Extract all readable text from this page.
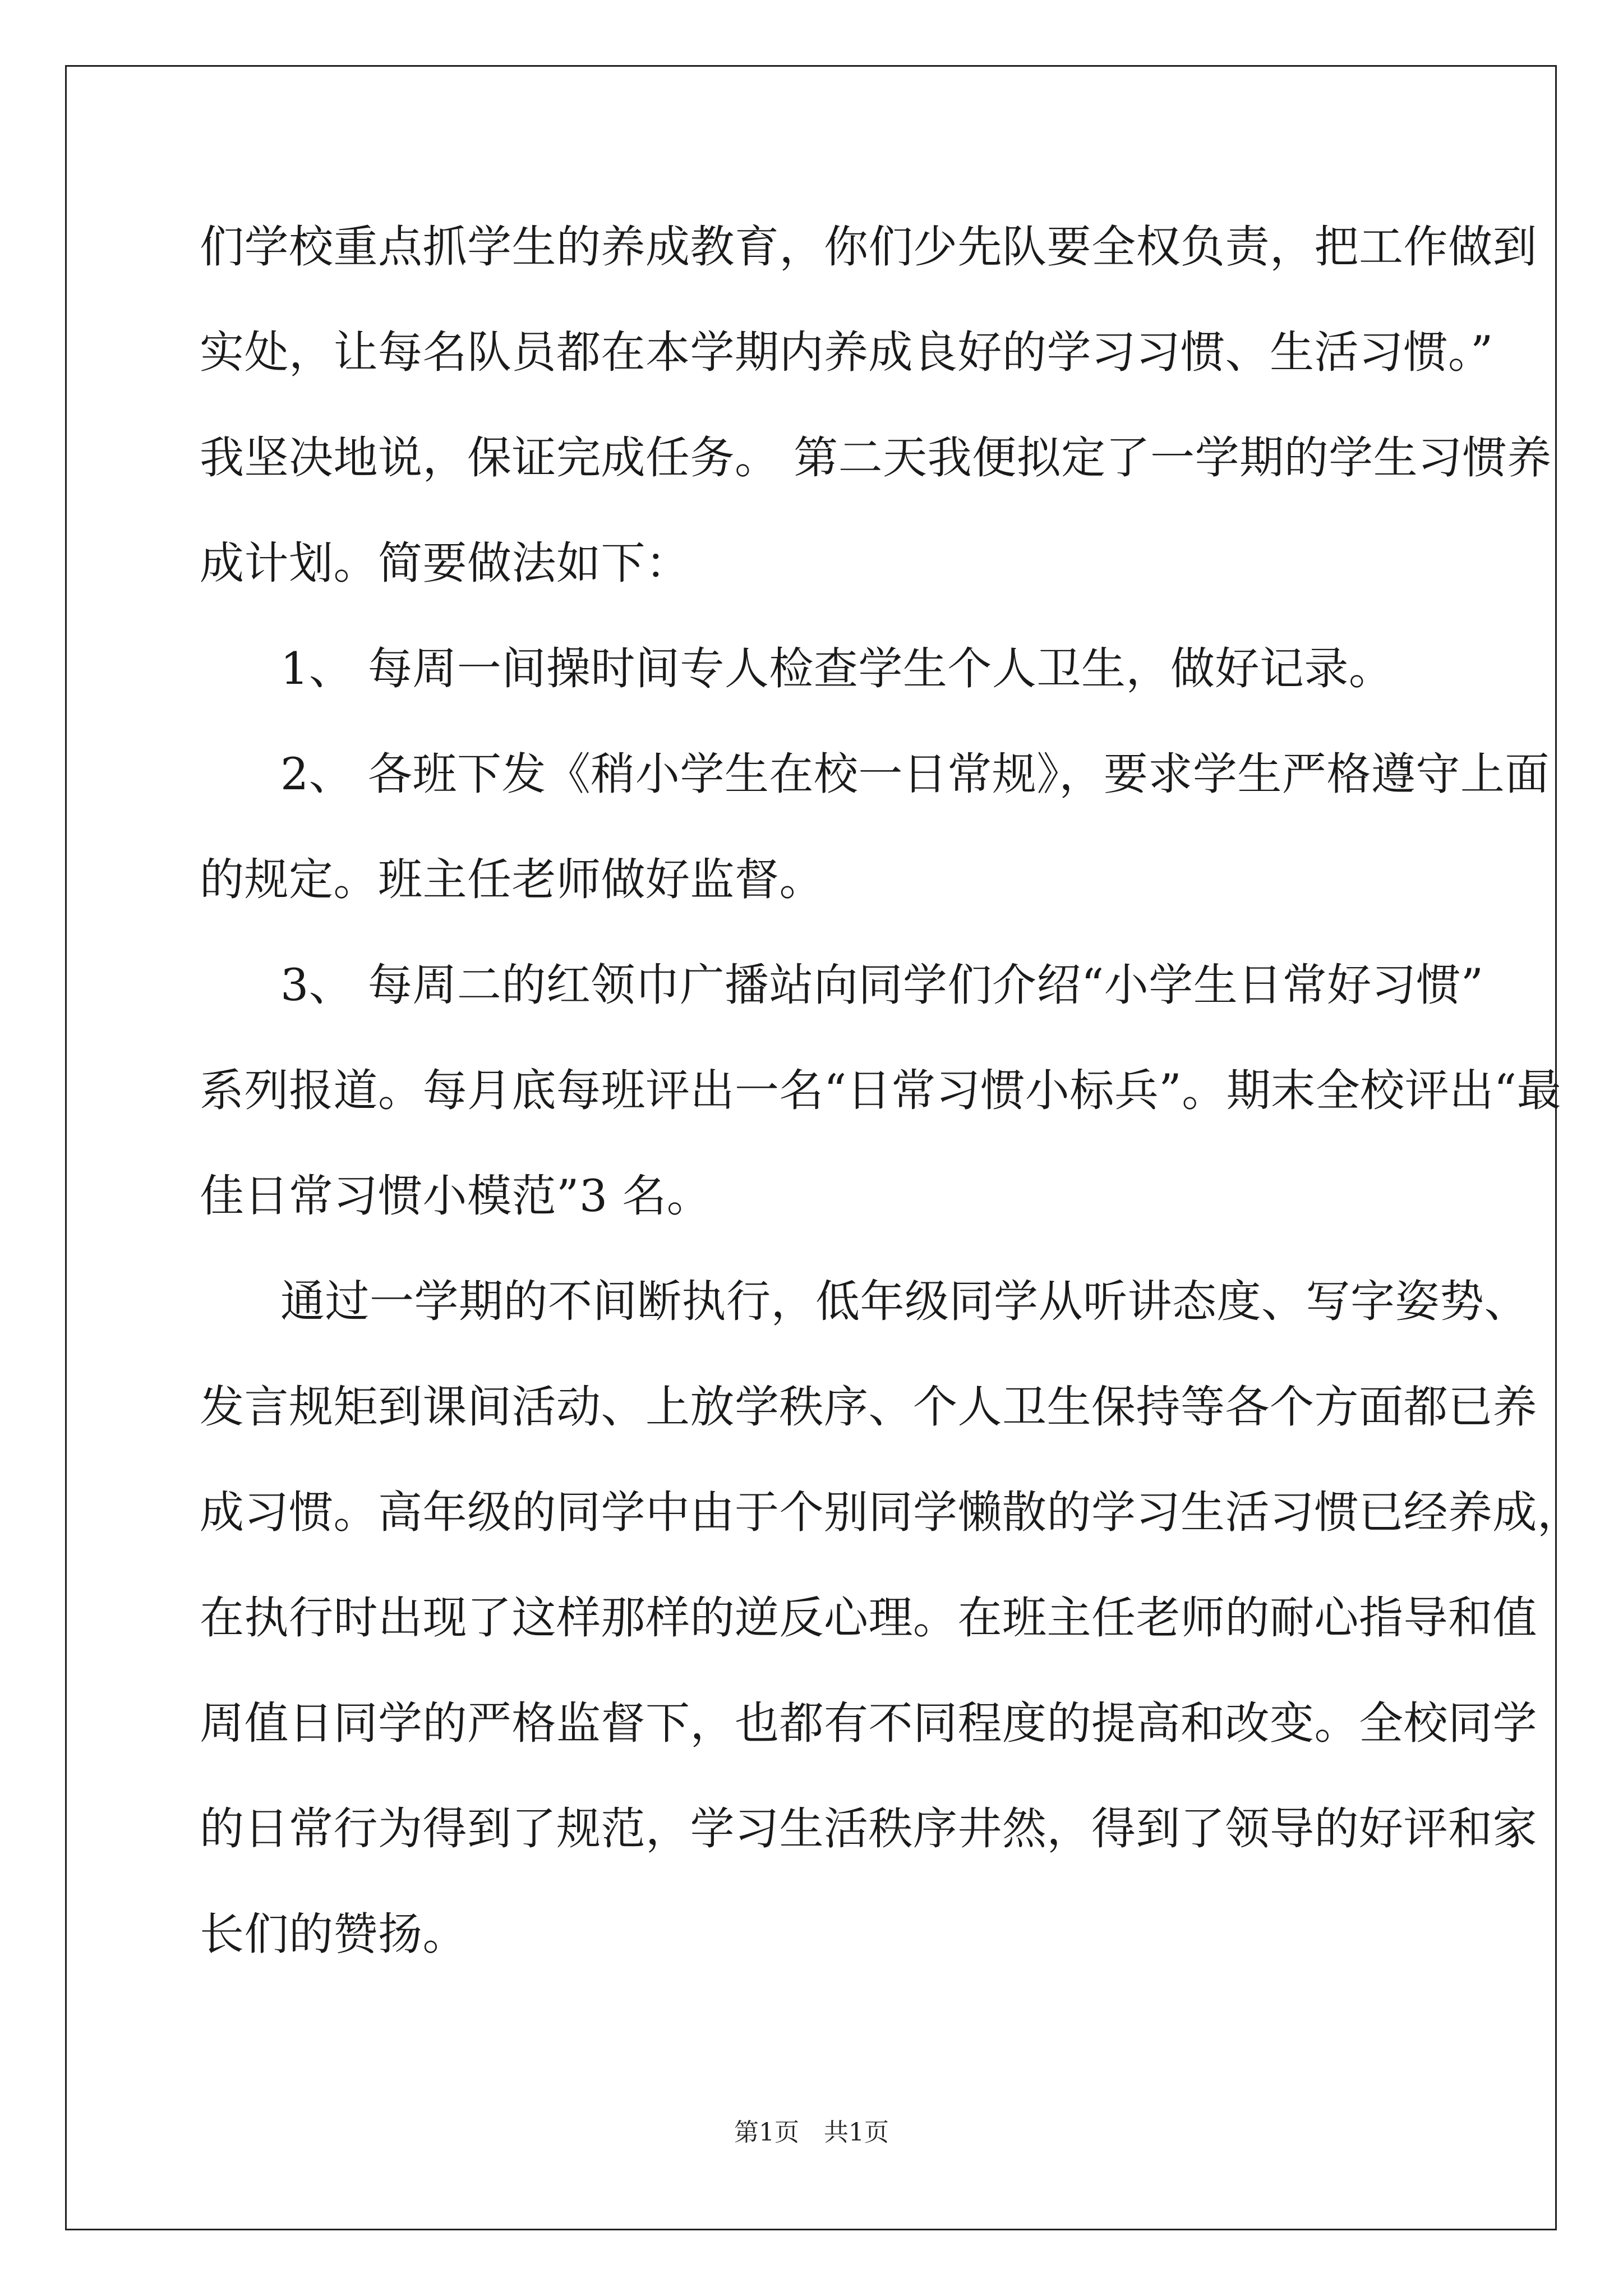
们学校重点抓学生的养成教育，你们少先队要全权负责，把工作做到
实处，让每名队员都在本学期内养成良好的学习习惯、生活习惯。”
我坚决地说，保证完成任务。 第二天我便拟定了一学期的学生习惯养
成计划。简要做法如下：
1、 每周一间操时间专人检查学生个人卫生，做好记录。
2、 各班下发《稍小学生在校一日常规》，要求学生严格遵守上面
的规定。班主任老师做好监督。
3、 每周二的红领巾广播站向同学们介绍“小学生日常好习惯”
系列报道。每月底每班评出一名“日常习惯小标兵”。期末全校评出“最
佳日常习惯小模范”3 名。
通过一学期的不间断执行，低年级同学从听讲态度、写字姿势、
发言规矩到课间活动、上放学秩序、个人卫生保持等各个方面都已养
成习惯。高年级的同学中由于个别同学懒散的学习生活习惯已经养成，
在执行时出现了这样那样的逆反心理。在班主任老师的耐心指导和值
周值日同学的严格监督下，也都有不同程度的提高和改变。全校同学
的日常行为得到了规范，学习生活秩序井然，得到了领导的好评和家
长们的赞扬。
第1页　共1页
